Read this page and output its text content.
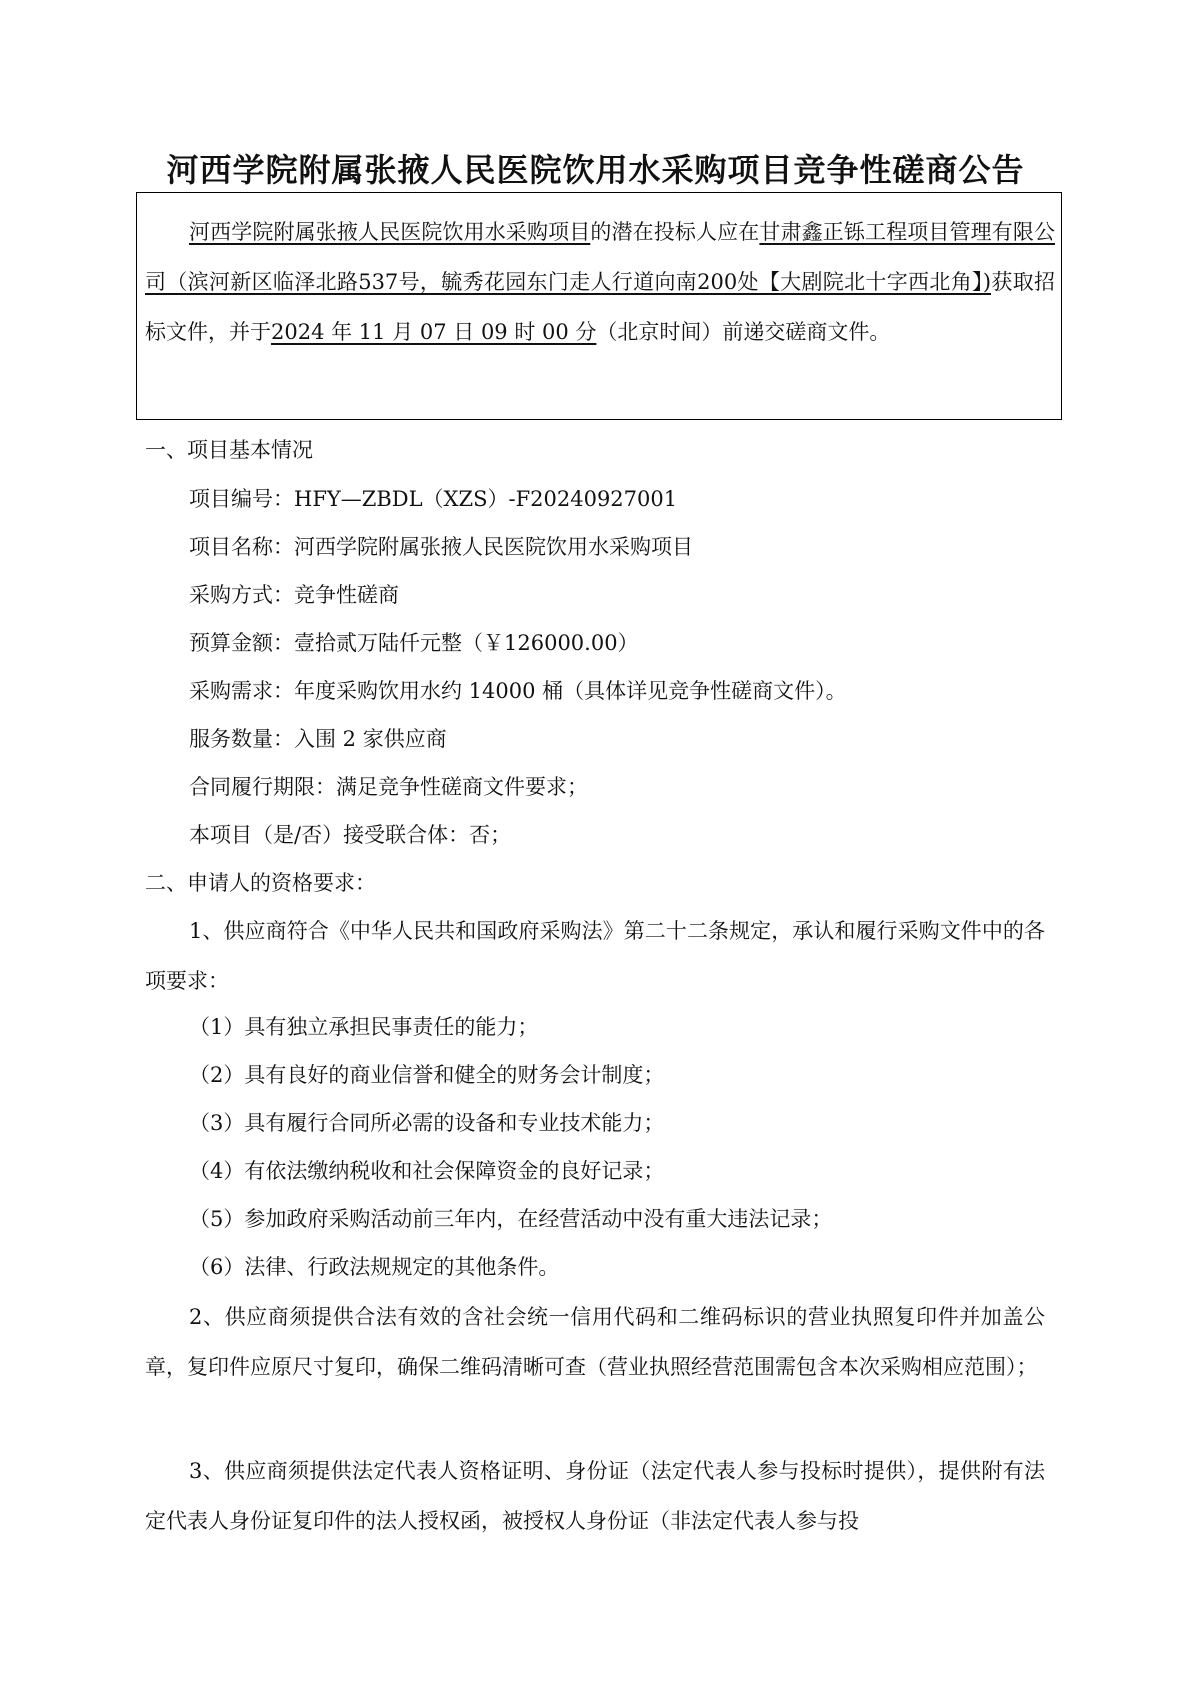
河西学院附属张掖人民医院饮用水采购项目竞争性磋商公告
河西学院附属张掖人民医院饮用水采购项目的潜在投标人应在甘肃鑫正铄工程项目管理有限公司（滨河新区临泽北路537号，毓秀花园东门走人行道向南200处【大剧院北十字西北角】)获取招标文件，并于2024 年 11 月 07 日 09 时 00 分（北京时间）前递交磋商文件。
一、项目基本情况
项目编号：HFY—ZBDL（XZS）-F20240927001
项目名称：河西学院附属张掖人民医院饮用水采购项目
采购方式：竞争性磋商
预算金额：壹拾贰万陆仟元整（￥126000.00）
采购需求：年度采购饮用水约 14000 桶（具体详见竞争性磋商文件）。
服务数量：入围 2 家供应商
合同履行期限：满足竞争性磋商文件要求；
本项目（是/否）接受联合体：否；
二、申请人的资格要求：
1、供应商符合《中华人民共和国政府采购法》第二十二条规定，承认和履行采购文件中的各项要求：
（1）具有独立承担民事责任的能力；
（2）具有良好的商业信誉和健全的财务会计制度；
（3）具有履行合同所必需的设备和专业技术能力；
（4）有依法缴纳税收和社会保障资金的良好记录；
（5）参加政府采购活动前三年内，在经营活动中没有重大违法记录；
（6）法律、行政法规规定的其他条件。
2、供应商须提供合法有效的含社会统一信用代码和二维码标识的营业执照复印件并加盖公章，复印件应原尺寸复印，确保二维码清晰可查（营业执照经营范围需包含本次采购相应范围）；
3、供应商须提供法定代表人资格证明、身份证（法定代表人参与投标时提供），提供附有法定代表人身份证复印件的法人授权函，被授权人身份证（非法定代表人参与投
